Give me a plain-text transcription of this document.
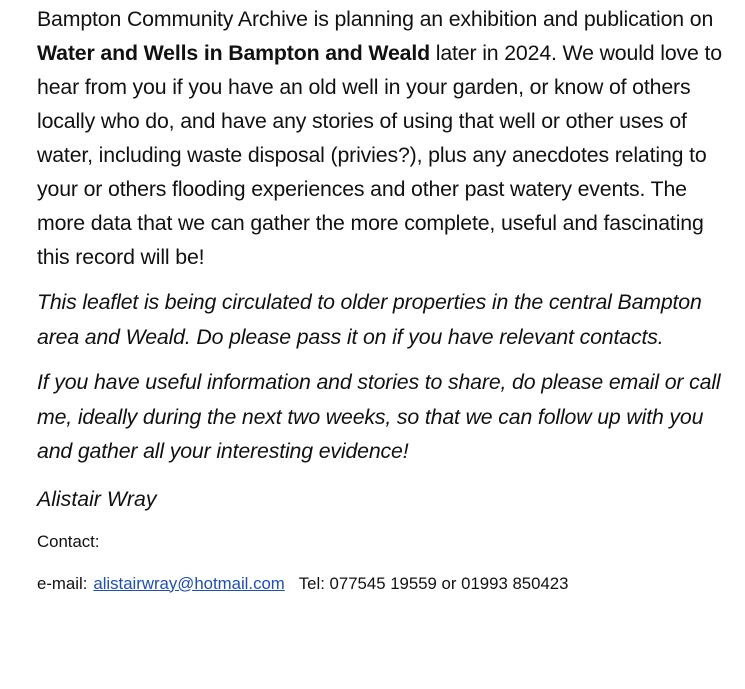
Bampton Community Archive is planning an exhibition and publication on Water and Wells in Bampton and Weald later in 2024. We would love to hear from you if you have an old well in your garden, or know of others locally who do, and have any stories of using that well or other uses of water, including waste disposal (privies?), plus any anecdotes relating to your or others flooding experiences and other past watery events. The more data that we can gather the more complete, useful and fascinating this record will be!

This leaflet is being circulated to older properties in the central Bampton area and Weald. Do please pass it on if you have relevant contacts.

If you have useful information and stories to share, do please email or call me, ideally during the next two weeks, so that we can follow up with you and gather all your interesting evidence!

Alistair Wray

Contact:

e-mail: alistairwray@hotmail.com Tel: 077545 19559 or 01993 850423
